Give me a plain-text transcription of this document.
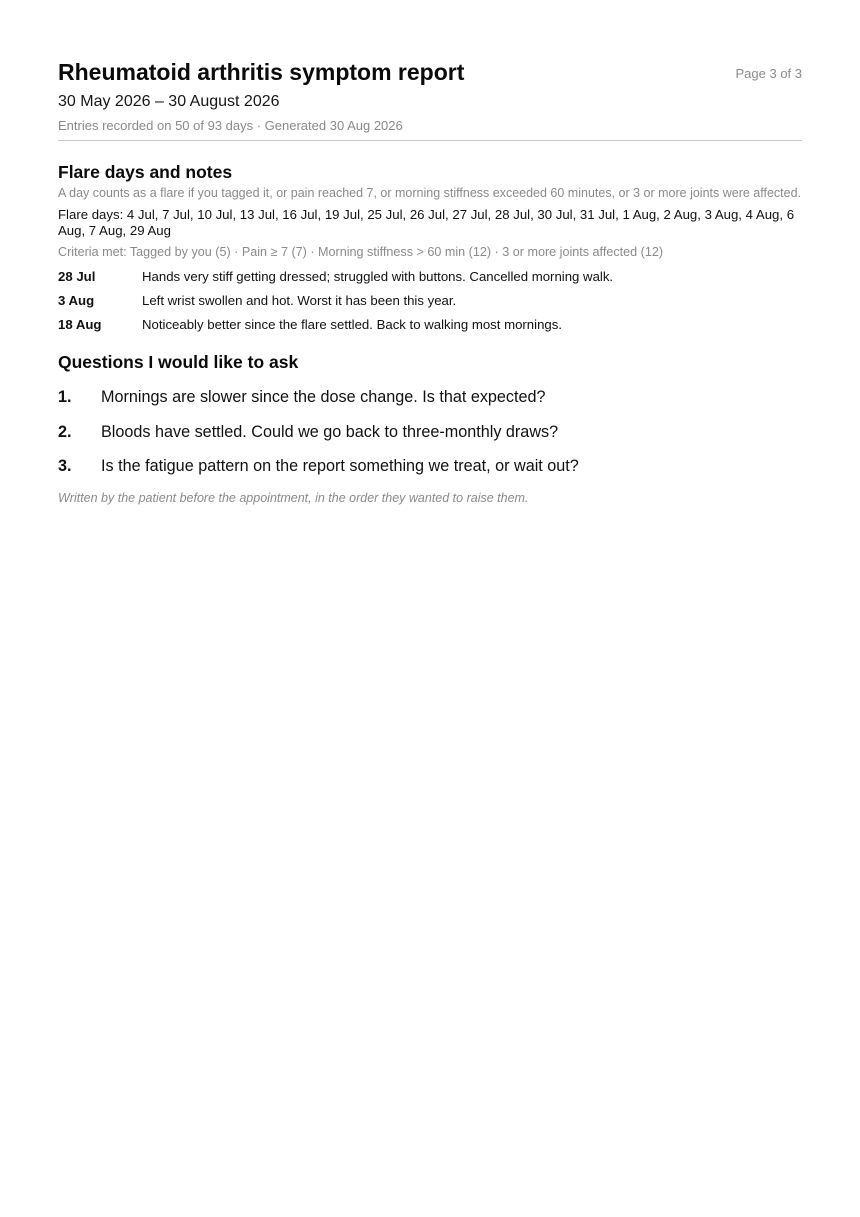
Rheumatoid arthritis symptom report	Page 3 of 3
30 May 2026 – 30 August 2026
Entries recorded on 50 of 93 days · Generated 30 Aug 2026
Flare days and notes
A day counts as a flare if you tagged it, or pain reached 7, or morning stiffness exceeded 60 minutes, or 3 or more joints were affected.
Flare days: 4 Jul, 7 Jul, 10 Jul, 13 Jul, 16 Jul, 19 Jul, 25 Jul, 26 Jul, 27 Jul, 28 Jul, 30 Jul, 31 Jul, 1 Aug, 2 Aug, 3 Aug, 4 Aug, 6 Aug, 7 Aug, 29 Aug
Criteria met: Tagged by you (5) · Pain ≥ 7 (7) · Morning stiffness > 60 min (12) · 3 or more joints affected (12)
28 Jul	Hands very stiff getting dressed; struggled with buttons. Cancelled morning walk.
3 Aug	Left wrist swollen and hot. Worst it has been this year.
18 Aug	Noticeably better since the flare settled. Back to walking most mornings.
Questions I would like to ask
1.	Mornings are slower since the dose change. Is that expected?
2.	Bloods have settled. Could we go back to three-monthly draws?
3.	Is the fatigue pattern on the report something we treat, or wait out?
Written by the patient before the appointment, in the order they wanted to raise them.
